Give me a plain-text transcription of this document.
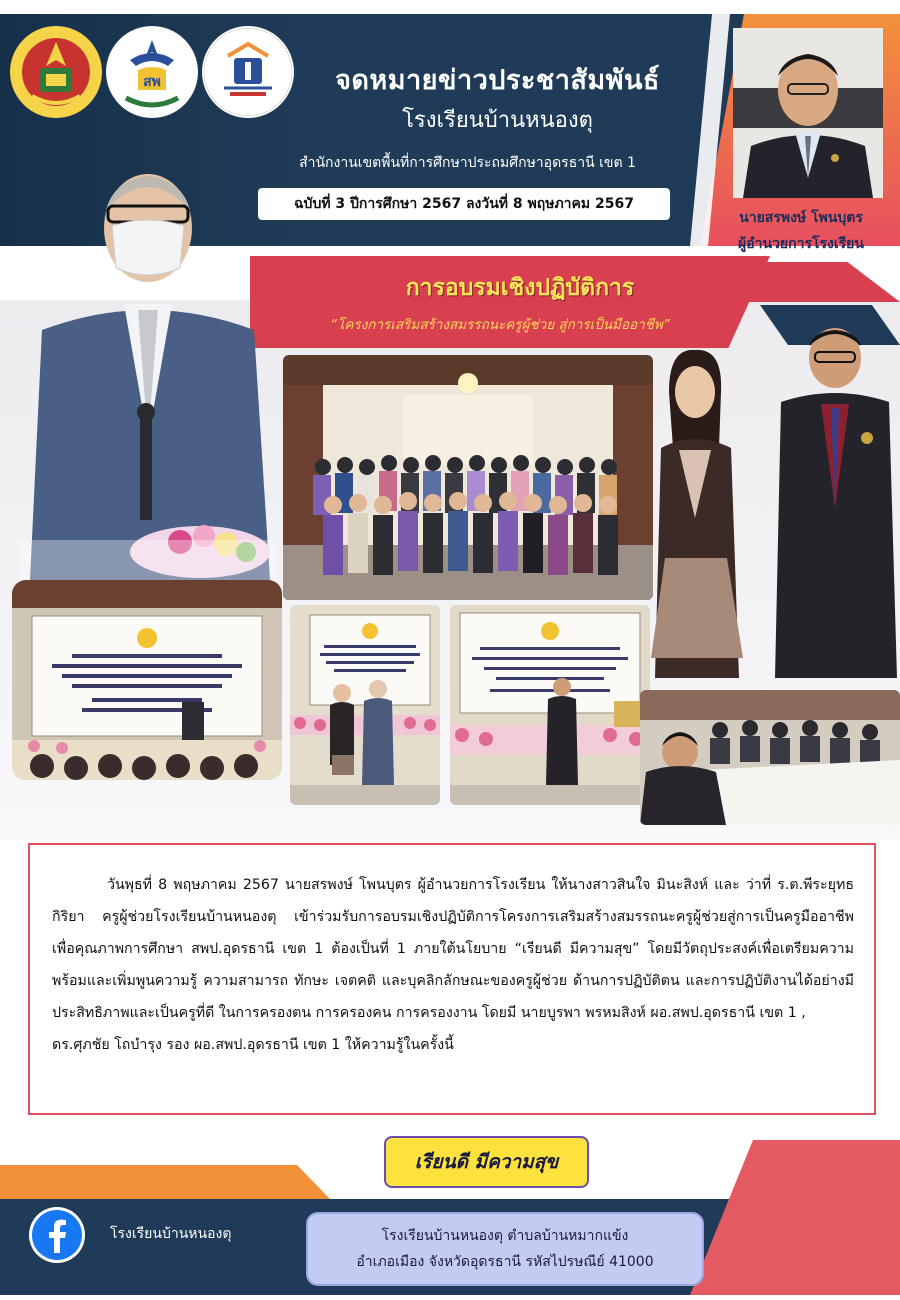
สพ	จดหมายข่าวประชาสัมพันธ์
โรงเรียนบ้านหนองตุ
สำนักงานเขตพื้นที่การศึกษาประถมศึกษาอุดรธานี เขต 1
ฉบับที่ 3 ปีการศึกษา 2567 ลงวันที่ 8 พฤษภาคม 2567
นายสรพงษ์ โพนบุตร
ผู้อำนวยการโรงเรียน
การอบรมเชิงปฏิบัติการ
“โครงการเสริมสร้างสมรรถนะครูผู้ช่วย สู่การเป็นมืออาชีพ”

วันพุธที่ 8 พฤษภาคม 2567 นายสรพงษ์ โพนบุตร ผู้อำนวยการโรงเรียน ให้นางสาวสินใจ มินะสิงห์ และ ว่าที่ ร.ต.พีระยุทธ กิริยา ครูผู้ช่วยโรงเรียนบ้านหนองตุ เข้าร่วมรับการอบรมเชิงปฏิบัติการโครงการเสริมสร้างสมรรถนะครูผู้ช่วยสู่การเป็นครูมืออาชีพ เพื่อคุณภาพการศึกษา สพป.อุดรธานี เขต 1 ต้องเป็นที่ 1 ภายใต้นโยบาย “เรียนดี มีความสุข” โดยมีวัตถุประสงค์เพื่อเตรียมความพร้อมและเพิ่มพูนความรู้ ความสามารถ ทักษะ เจตคติ และบุคลิกลักษณะของครูผู้ช่วย ด้านการปฏิบัติตน และการปฏิบัติงานได้อย่างมีประสิทธิภาพและเป็นครูที่ดี ในการครองตน การครองคน การครองงาน โดยมี นายบูรพา พรหมสิงห์ ผอ.สพป.อุดรธานี เขต 1 ,

ดร.ศุภชัย โถบำรุง รอง ผอ.สพป.อุดรธานี เขต 1 ให้ความรู้ในครั้งนี้

เรียนดี มีความสุข
โรงเรียนบ้านหนองตุ	โรงเรียนบ้านหนองตุ ตำบลบ้านหมากแข้ง
อำเภอเมือง จังหวัดอุดรธานี รหัสไปรษณีย์ 41000
